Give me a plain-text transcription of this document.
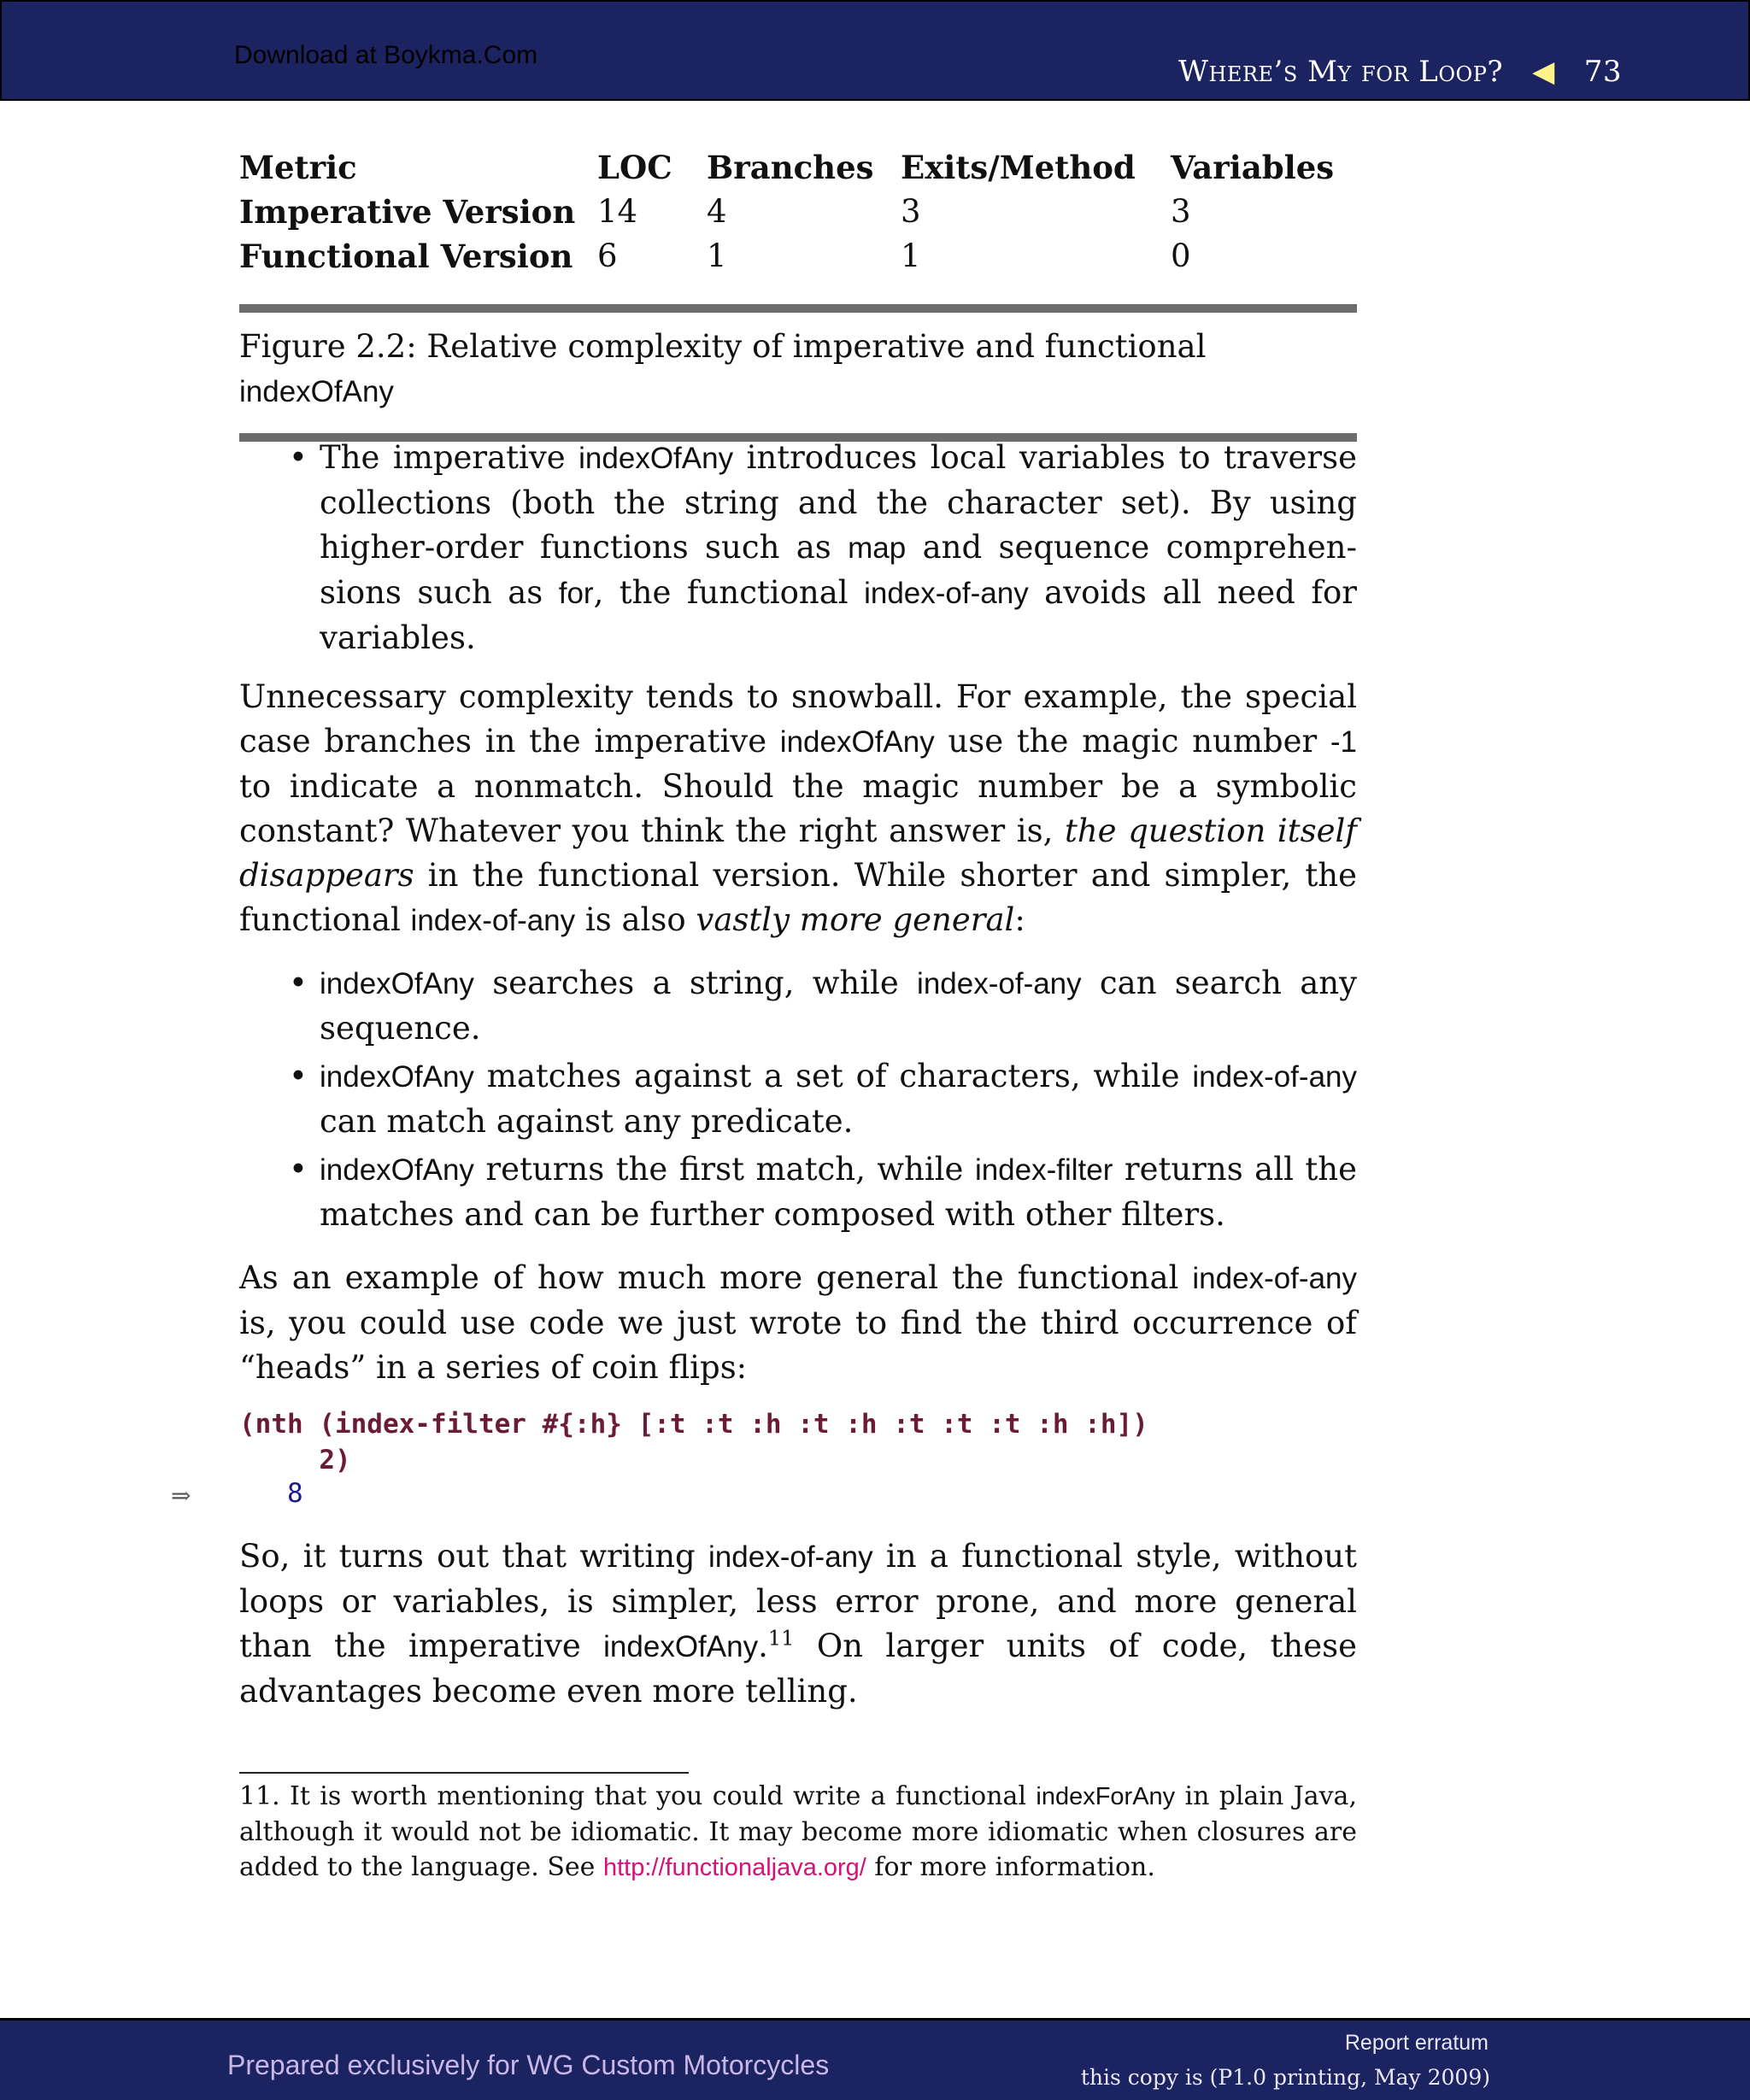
Download at Boykma.Com	Where’s My for Loop? ◀ 73
Metric	LOC	Branches	Exits/Method	Variables
Imperative Version	14	4	3	3
Functional Version	6	1	1	0
Figure 2.2: Relative complexity of imperative and functional indexOfAny
• The imperative indexOfAny introduces local variables to traverse collections (both the string and the character set). By using higher-order functions such as map and sequence comprehensions such as for, the functional index-of-any avoids all need for variables.

Unnecessary complexity tends to snowball. For example, the special case branches in the imperative indexOfAny use the magic number -1 to indicate a nonmatch. Should the magic number be a symbolic constant? Whatever you think the right answer is, the question itself disappears in the functional version. While shorter and simpler, the functional index-of-any is also vastly more general:

• indexOfAny searches a string, while index-of-any can search any sequence.
• indexOfAny matches against a set of characters, while index-of-any can match against any predicate.
• indexOfAny returns the first match, while index-filter returns all the matches and can be further composed with other filters.

As an example of how much more general the functional index-of-any is, you could use code we just wrote to find the third occurrence of “heads” in a series of coin flips:

(nth (index-filter #{:h} [:t :t :h :t :h :t :t :t :h :h])
2)
⇒	8

So, it turns out that writing index-of-any in a functional style, without loops or variables, is simpler, less error prone, and more general than the imperative indexOfAny.$^{11}$ On larger units of code, these advantages become even more telling.

11. It is worth mentioning that you could write a functional indexForAny in plain Java, although it would not be idiomatic. It may become more idiomatic when closures are added to the language. See http://functionaljava.org/ for more information.

Prepared exclusively for WG Custom Motorcycles
Report erratum
this copy is (P1.0 printing, May 2009)
